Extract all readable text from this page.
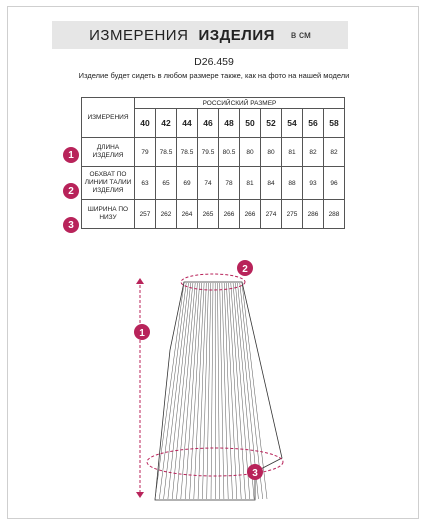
ИЗМЕРЕНИЯ ИЗДЕЛИЯ в см
D26.459
Изделие будет сидеть в любом размере также, как на фото на нашей модели
ИЗМЕРЕНИЯ	РОССИЙСКИЙ РАЗМЕР									
	40	42	44	46	48	50	52	54	56	58
ДЛИНА ИЗДЕЛИЯ	79	78.5	78.5	79.5	80.5	80	80	81	82	82
ОБХВАТ ПО ЛИНИИ ТАЛИИ ИЗДЕЛИЯ	63	65	69	74	78	81	84	88	93	96
ШИРИНА ПО НИЗУ	257	262	264	265	266	266	274	275	286	288
1
2
3
1
2
3
